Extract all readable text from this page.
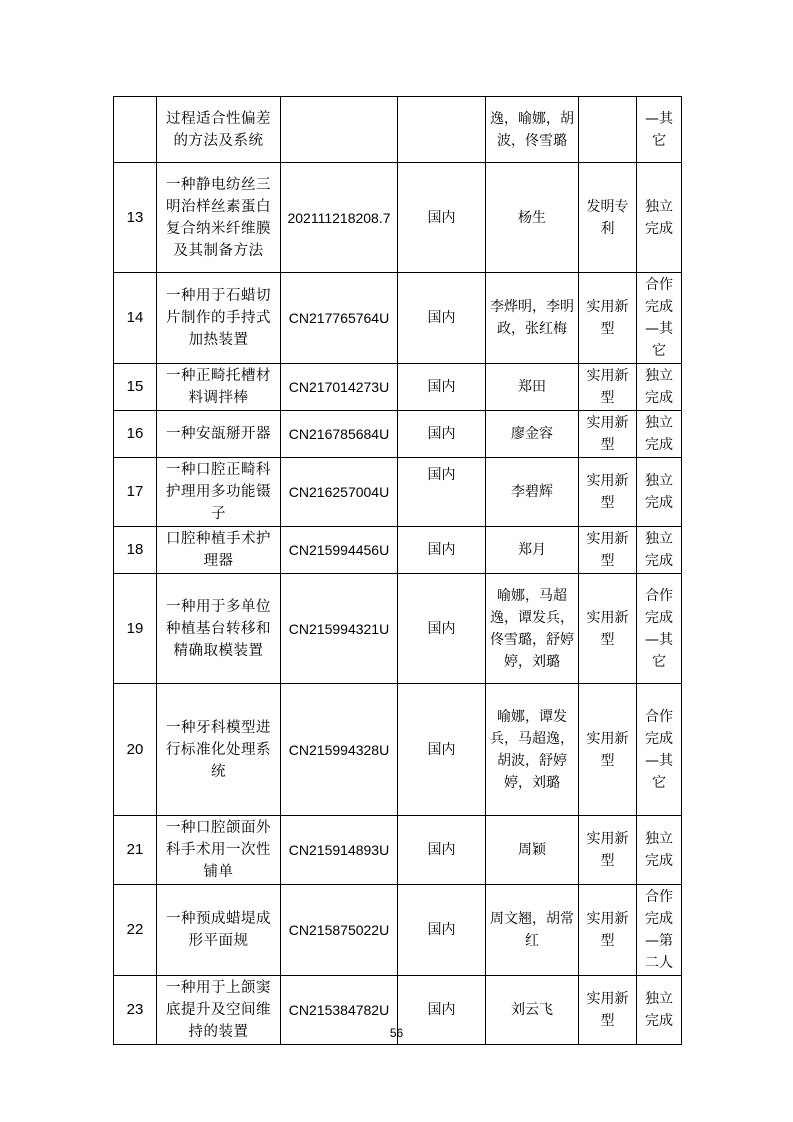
	过程适合性偏差的方法及系统			逸，喻娜，胡波，佟雪璐		—其它
13	一种静电纺丝三明治样丝素蛋白复合纳米纤维膜及其制备方法	202111218208.7	国内	杨生	发明专利	独立完成
14	一种用于石蜡切片制作的手持式加热装置	CN217765764U	国内	李烨明，李明政，张红梅	实用新型	合作完成—其它
15	一种正畸托槽材料调拌棒	CN217014273U	国内	郑田	实用新型	独立完成
16	一种安瓿掰开器	CN216785684U	国内	廖金容	实用新型	独立完成
17	一种口腔正畸科护理用多功能镊子	CN216257004U	国内	李碧辉	实用新型	独立完成
18	口腔种植手术护理器	CN215994456U	国内	郑月	实用新型	独立完成
19	一种用于多单位种植基台转移和精确取模装置	CN215994321U	国内	喻娜，马超逸，谭发兵，佟雪璐，舒婷婷，刘璐	实用新型	合作完成—其它
20	一种牙科模型进行标准化处理系统	CN215994328U	国内	喻娜，谭发兵，马超逸，胡波，舒婷婷，刘璐	实用新型	合作完成—其它
21	一种口腔颌面外科手术用一次性铺单	CN215914893U	国内	周颖	实用新型	独立完成
22	一种预成蜡堤成形平面规	CN215875022U	国内	周文翘，胡常红	实用新型	合作完成—第二人
23	一种用于上颌窦底提升及空间维持的装置	CN215384782U	国内	刘云飞	实用新型	独立完成
56
